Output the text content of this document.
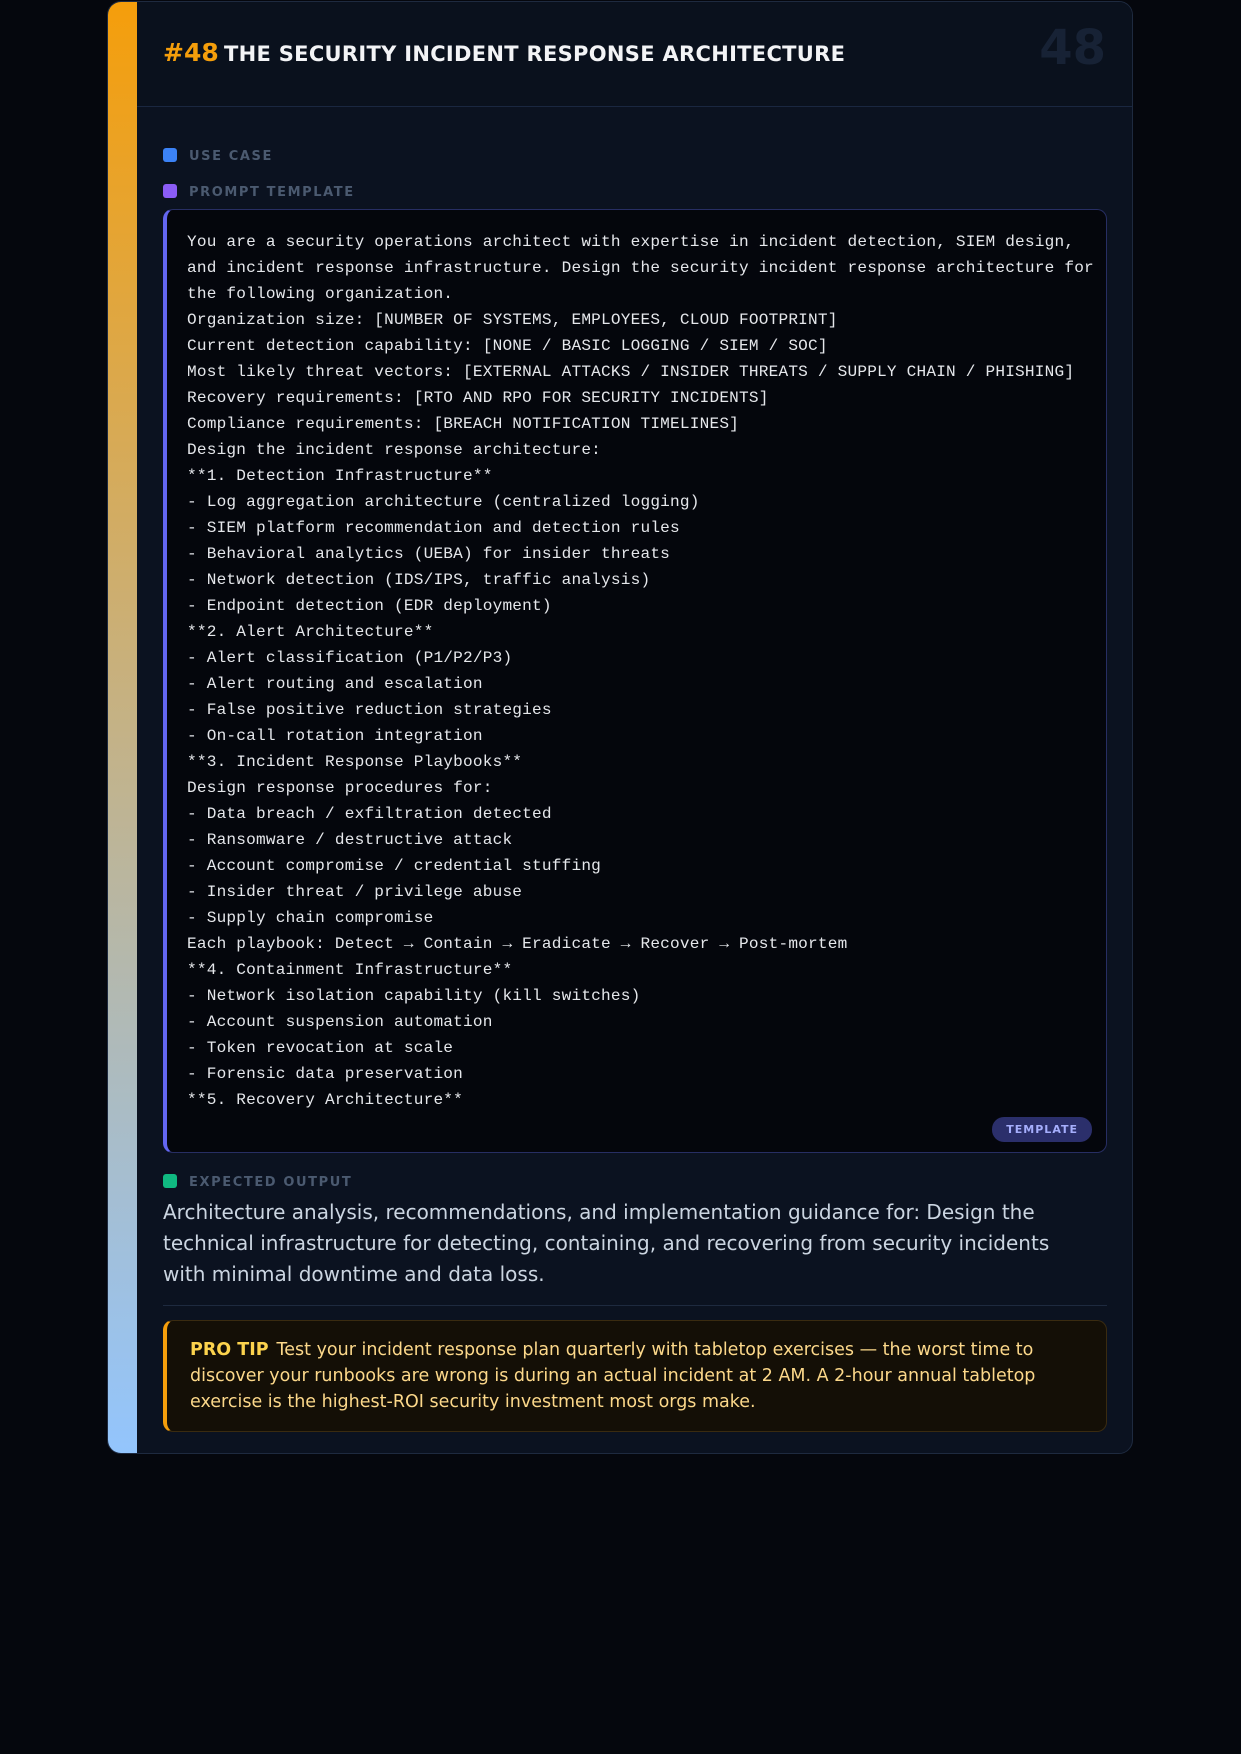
#48 THE SECURITY INCIDENT RESPONSE ARCHITECTURE	48
USE CASE
PROMPT TEMPLATE
You are a security operations architect with expertise in incident detection, SIEM design,
and incident response infrastructure. Design the security incident response architecture for
the following organization.
Organization size: [NUMBER OF SYSTEMS, EMPLOYEES, CLOUD FOOTPRINT]
Current detection capability: [NONE / BASIC LOGGING / SIEM / SOC]
Most likely threat vectors: [EXTERNAL ATTACKS / INSIDER THREATS / SUPPLY CHAIN / PHISHING]
Recovery requirements: [RTO AND RPO FOR SECURITY INCIDENTS]
Compliance requirements: [BREACH NOTIFICATION TIMELINES]
Design the incident response architecture:
**1. Detection Infrastructure**
- Log aggregation architecture (centralized logging)
- SIEM platform recommendation and detection rules
- Behavioral analytics (UEBA) for insider threats
- Network detection (IDS/IPS, traffic analysis)
- Endpoint detection (EDR deployment)
**2. Alert Architecture**
- Alert classification (P1/P2/P3)
- Alert routing and escalation
- False positive reduction strategies
- On-call rotation integration
**3. Incident Response Playbooks**
Design response procedures for:
- Data breach / exfiltration detected
- Ransomware / destructive attack
- Account compromise / credential stuffing
- Insider threat / privilege abuse
- Supply chain compromise
Each playbook: Detect → Contain → Eradicate → Recover → Post-mortem
**4. Containment Infrastructure**
- Network isolation capability (kill switches)
- Account suspension automation
- Token revocation at scale
- Forensic data preservation
**5. Recovery Architecture**
TEMPLATE
EXPECTED OUTPUT
Architecture analysis, recommendations, and implementation guidance for: Design the technical infrastructure for detecting, containing, and recovering from security incidents with minimal downtime and data loss.
PRO TIP Test your incident response plan quarterly with tabletop exercises — the worst time to discover your runbooks are wrong is during an actual incident at 2 AM. A 2-hour annual tabletop exercise is the highest-ROI security investment most orgs make.
